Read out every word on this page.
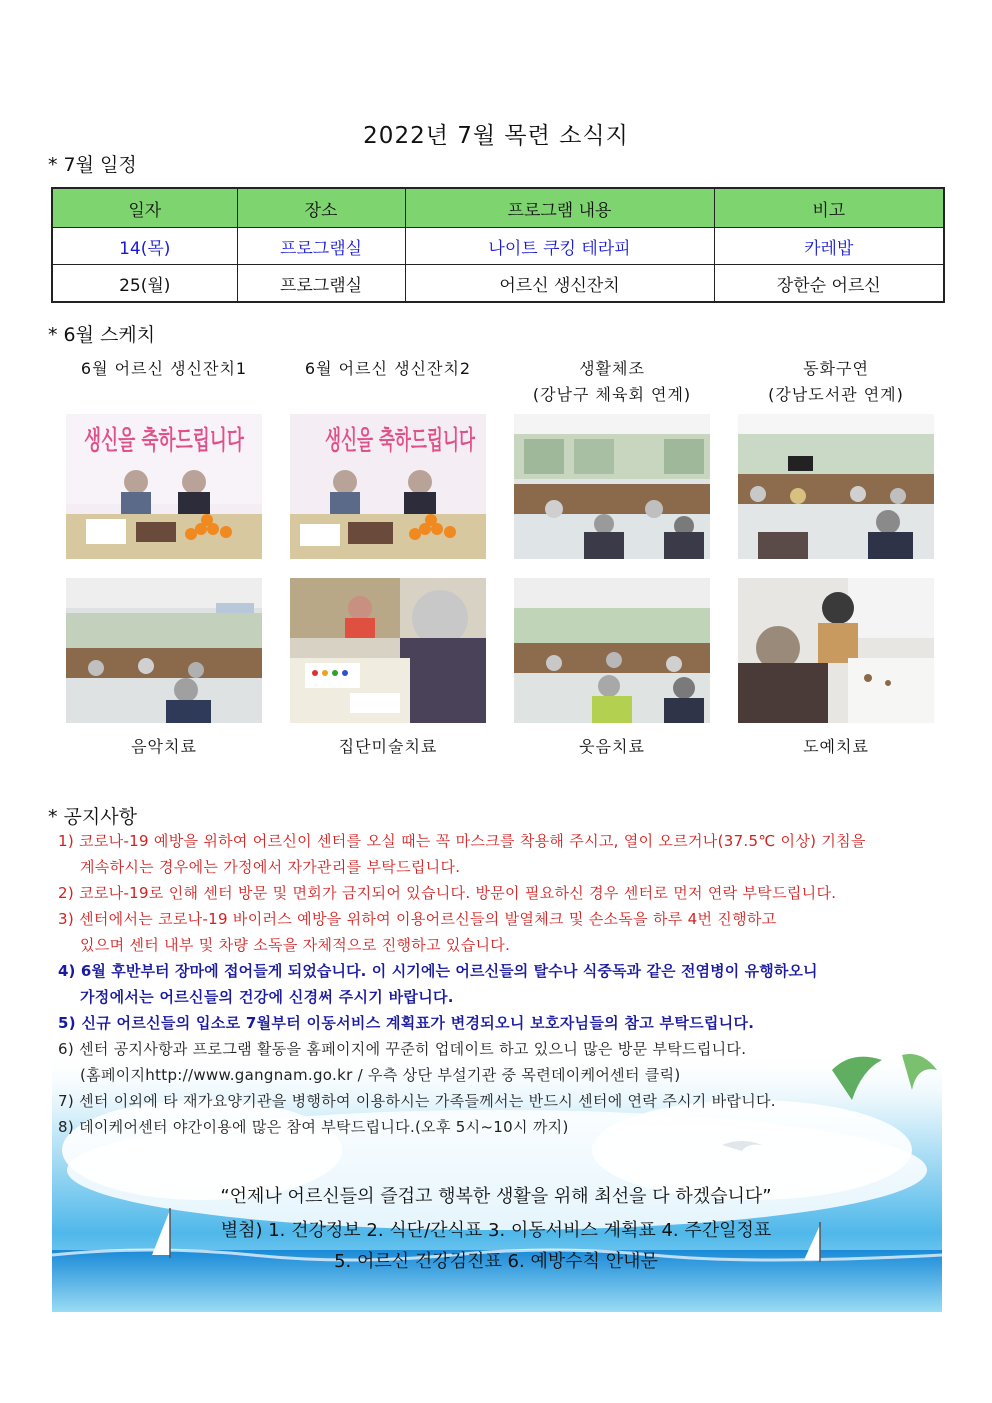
2022년 7월 목련 소식지
* 7월 일정
일자	장소	프로그램 내용	비고
14(목)	프로그램실	나이트 쿠킹 테라피	카레밥
25(월)	프로그램실	어르신 생신잔치	장한순 어르신
* 6월 스케치
6월 어르신 생신잔치1	6월 어르신 생신잔치2	생활체조
(강남구 체육회 연계)
동화구연
(강남도서관 연계)
생신을 축하드립니다 생신을 축하드립니다
음악치료	집단미술치료	웃음치료	도예치료
* 공지사항
1) 코로나-19 예방을 위하여 어르신이 센터를 오실 때는 꼭 마스크를 착용해 주시고, 열이 오르거나(37.5℃ 이상) 기침을
계속하시는 경우에는 가정에서 자가관리를 부탁드립니다.
2) 코로나-19로 인해 센터 방문 및 면회가 금지되어 있습니다. 방문이 필요하신 경우 센터로 먼저 연락 부탁드립니다.
3) 센터에서는 코로나-19 바이러스 예방을 위하여 이용어르신들의 발열체크 및 손소독을 하루 4번 진행하고
있으며 센터 내부 및 차량 소독을 자체적으로 진행하고 있습니다.
4) 6월 후반부터 장마에 접어들게 되었습니다. 이 시기에는 어르신들의 탈수나 식중독과 같은 전염병이 유행하오니
가정에서는 어르신들의 건강에 신경써 주시기 바랍니다.
5) 신규 어르신들의 입소로 7월부터 이동서비스 계획표가 변경되오니 보호자님들의 참고 부탁드립니다.
6) 센터 공지사항과 프로그램 활동을 홈페이지에 꾸준히 업데이트 하고 있으니 많은 방문 부탁드립니다.
(홈페이지http://www.gangnam.go.kr / 우측 상단 부설기관 중 목련데이케어센터 클릭)
7) 센터 이외에 타 재가요양기관을 병행하여 이용하시는 가족들께서는 반드시 센터에 연락 주시기 바랍니다.
8) 데이케어센터 야간이용에 많은 참여 부탁드립니다.(오후 5시~10시 까지)
“언제나 어르신들의 즐겁고 행복한 생활을 위해 최선을 다 하겠습니다”
별첨) 1. 건강정보 2. 식단/간식표 3. 이동서비스 계획표 4. 주간일정표
5. 어르신 건강검진표 6. 예방수칙 안내문
